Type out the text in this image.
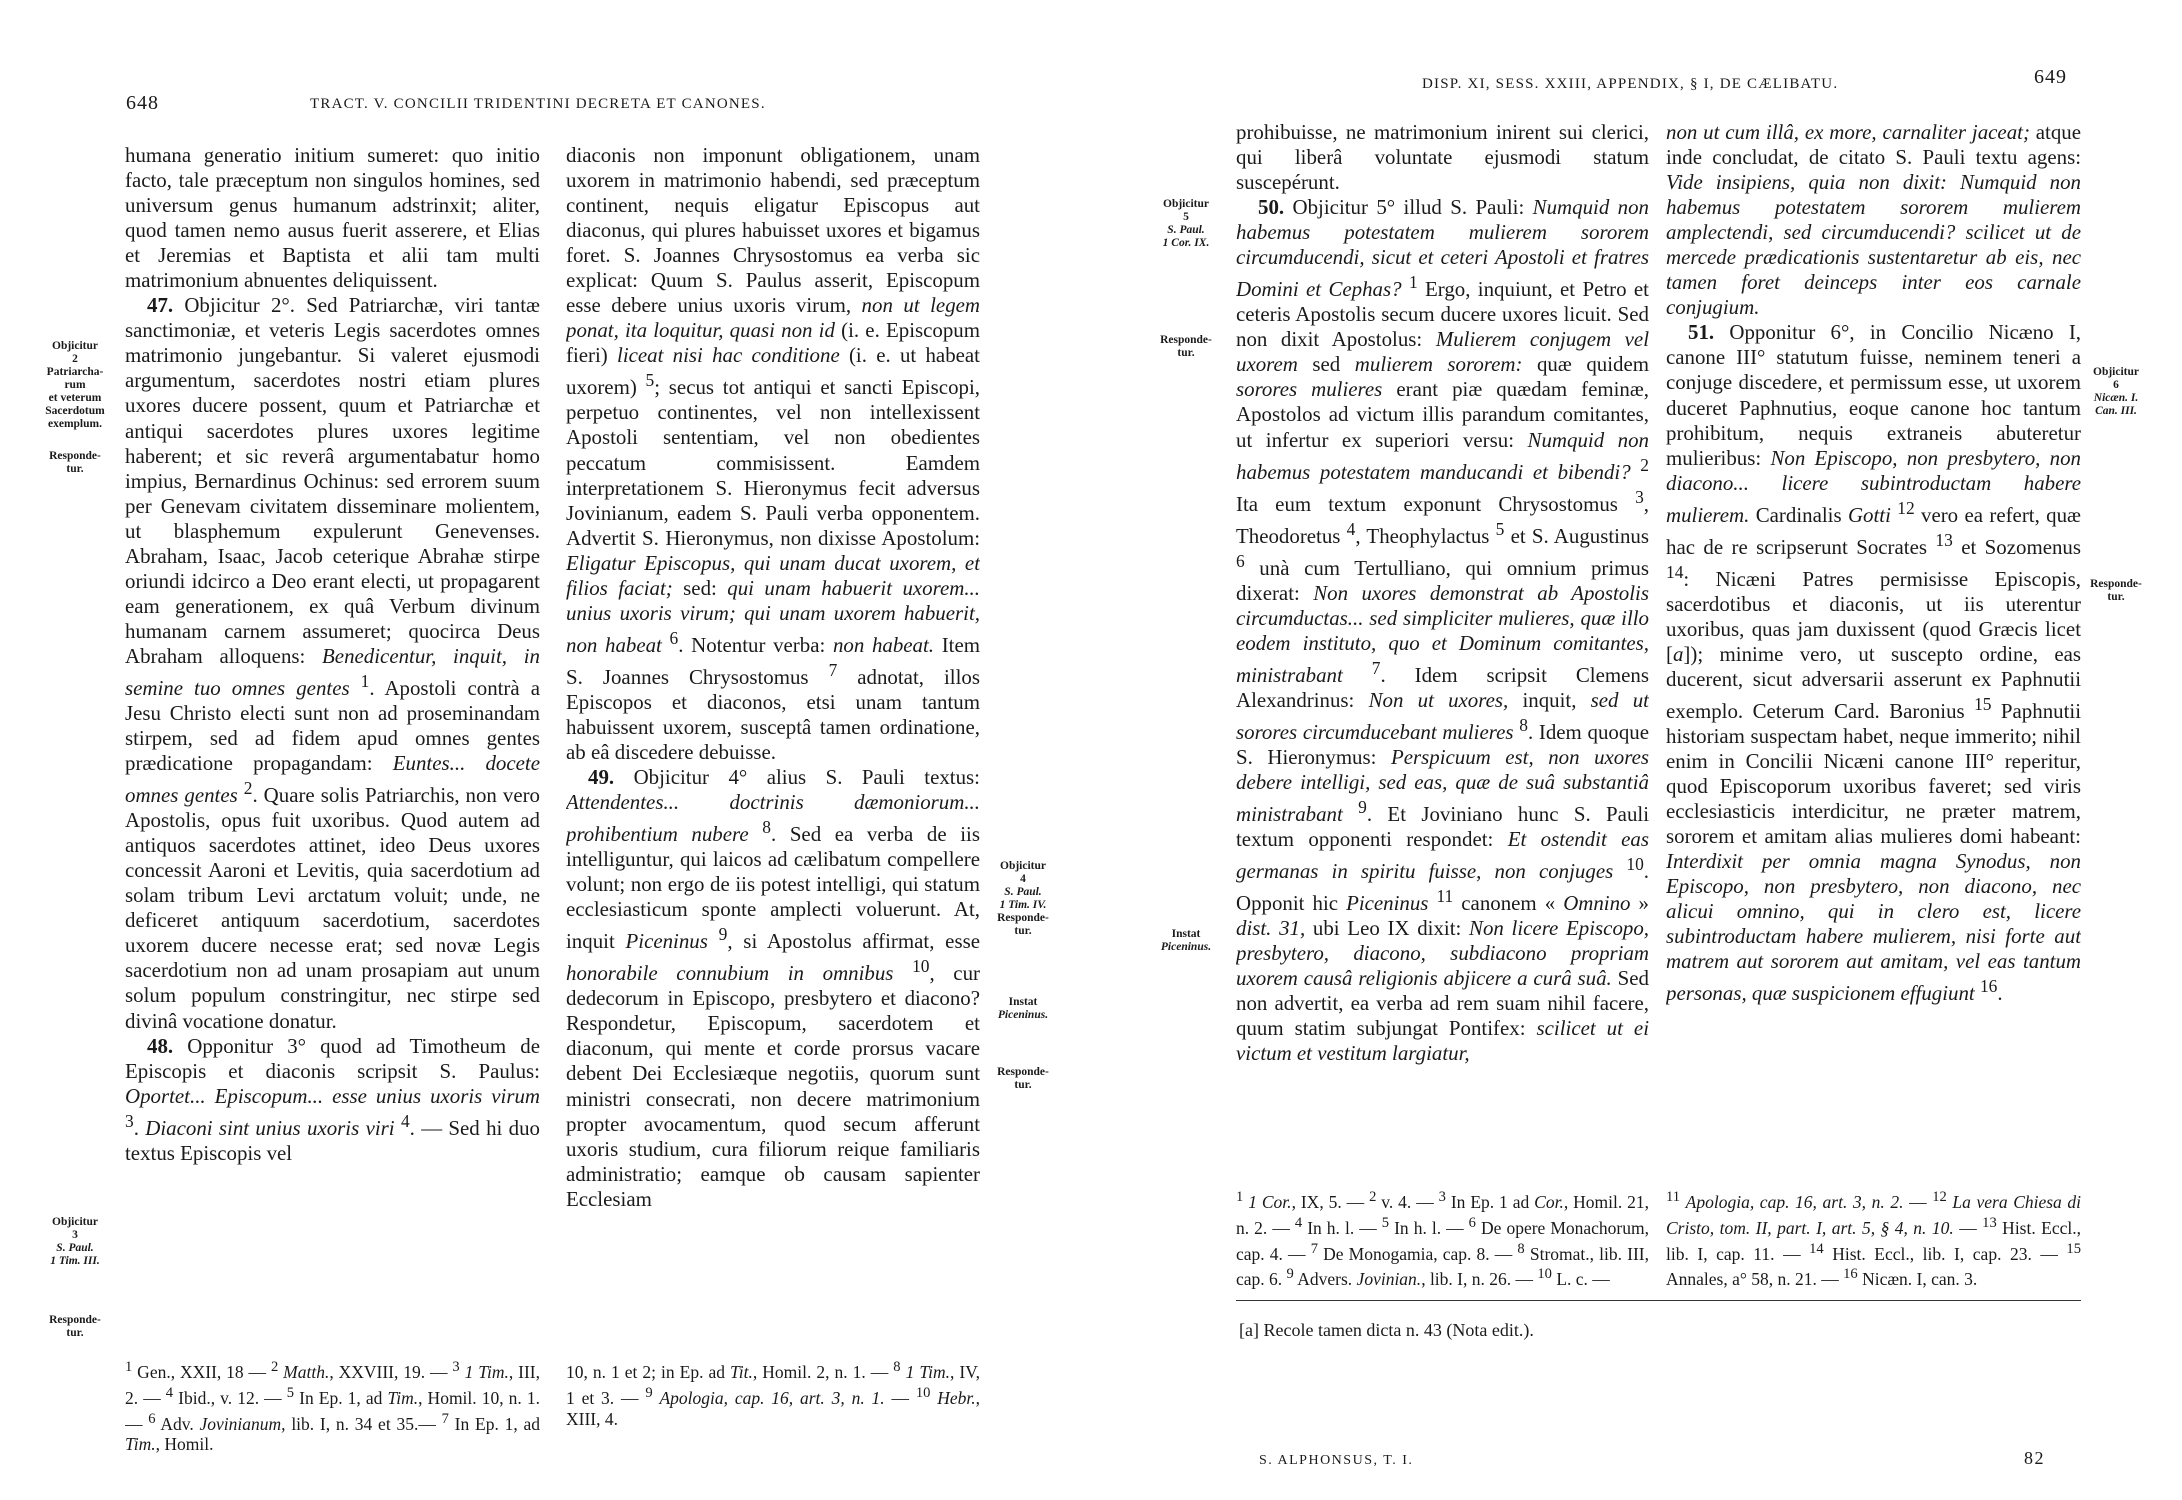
648	TRACT. V. CONCILII TRIDENTINI DECRETA ET CANONES.
humana generatio initium sumeret: quo initio facto, tale præceptum non singulos homines, sed universum genus humanum adstrinxit; aliter, quod tamen nemo ausus fuerit asserere, et Elias et Jeremias et Baptista et alii tam multi matrimonium abnuentes deliquissent.

47. Objicitur 2°. Sed Patriarchæ, viri tantæ sanctimoniæ, et veteris Legis sacerdotes omnes matrimonio jungebantur. Si valeret ejusmodi argumentum, sacerdotes nostri etiam plures uxores ducere possent, quum et Patriarchæ et antiqui sacerdotes plures uxores legitime haberent; et sic reverâ argumentabatur homo impius, Bernardinus Ochinus: sed errorem suum per Genevam civitatem disseminare molientem, ut blasphemum expulerunt Genevenses. Abraham, Isaac, Jacob ceterique Abrahæ stirpe oriundi idcirco a Deo erant electi, ut propagarent eam generationem, ex quâ Verbum divinum humanam carnem assumeret; quocirca Deus Abraham alloquens: Benedicentur, inquit, in semine tuo omnes gentes $^1$. Apostoli contrà a Jesu Christo electi sunt non ad proseminandam stirpem, sed ad fidem apud omnes gentes prædicatione propagandam: Euntes... docete omnes gentes $^2$. Quare solis Patriarchis, non vero Apostolis, opus fuit uxoribus. Quod autem ad antiquos sacerdotes attinet, ideo Deus uxores concessit Aaroni et Levitis, quia sacerdotium ad solam tribum Levi arctatum voluit; unde, ne deficeret antiquum sacerdotium, sacerdotes uxorem ducere necesse erat; sed novæ Legis sacerdotium non ad unam prosapiam aut unum solum populum constringitur, nec stirpe sed divinâ vocatione donatur.

48. Opponitur 3° quod ad Timotheum de Episcopis et diaconis scripsit S. Paulus: Oportet... Episcopum... esse unius uxoris virum $^3$. Diaconi sint unius uxoris viri $^4$. — Sed hi duo textus Episcopis vel

diaconis non imponunt obligationem, unam uxorem in matrimonio habendi, sed præceptum continent, nequis eligatur Episcopus aut diaconus, qui plures habuisset uxores et bigamus foret. S. Joannes Chrysostomus ea verba sic explicat: Quum S. Paulus asserit, Episcopum esse debere unius uxoris virum, non ut legem ponat, ita loquitur, quasi non id (i. e. Episcopum fieri) liceat nisi hac conditione (i. e. ut habeat uxorem) $^5$; secus tot antiqui et sancti Episcopi, perpetuo continentes, vel non intellexissent Apostoli sententiam, vel non obedientes peccatum commisissent. Eamdem interpretationem S. Hieronymus fecit adversus Jovinianum, eadem S. Pauli verba opponentem. Advertit S. Hieronymus, non dixisse Apostolum: Eligatur Episcopus, qui unam ducat uxorem, et filios faciat; sed: qui unam habuerit uxorem... unius uxoris virum; qui unam uxorem habuerit, non habeat $^6$. Notentur verba: non habeat. Item S. Joannes Chrysostomus $^7$ adnotat, illos Episcopos et diaconos, etsi unam tantum habuissent uxorem, susceptâ tamen ordinatione, ab eâ discedere debuisse.

49. Objicitur 4° alius S. Pauli textus: Attendentes... doctrinis dæmoniorum... prohibentium nubere $^8$. Sed ea verba de iis intelliguntur, qui laicos ad cælibatum compellere volunt; non ergo de iis potest intelligi, qui statum ecclesiasticum sponte amplecti voluerunt. At, inquit Piceninus $^9$, si Apostolus affirmat, esse honorabile connubium in omnibus $^{10}$, cur dedecorum in Episcopo, presbytero et diacono? Respondetur, Episcopum, sacerdotem et diaconum, qui mente et corde prorsus vacare debent Dei Ecclesiæque negotiis, quorum sunt ministri consecrati, non decere matrimonium propter avocamentum, quod secum afferunt uxoris studium, cura filiorum reique familiaris administratio; eamque ob causam sapienter Ecclesiam

Objicitur
2
Patriarcha-
rum
et veterum
Sacerdotum
exemplum.
Responde-
tur.
Objicitur
3
S. Paul.
1 Tim. III.
Responde-
tur.
Objicitur
4
S. Paul.
1 Tim. IV.
Responde-
tur.
Instat
Piceninus.
Responde-
tur.
$^1$ Gen., XXII, 18 — $^2$ Matth., XXVIII, 19. — $^3$ 1 Tim., III, 2. — $^4$ Ibid., v. 12. — $^5$ In Ep. 1, ad Tim., Homil. 10, n. 1. — $^6$ Adv. Jovinianum, lib. I, n. 34 et 35.— $^7$ In Ep. 1, ad Tim., Homil.
10, n. 1 et 2; in Ep. ad Tit., Homil. 2, n. 1. — $^8$ 1 Tim., IV, 1 et 3. — $^9$ Apologia, cap. 16, art. 3, n. 1. — $^{10}$ Hebr., XIII, 4.
DISP. XI, SESS. XXIII, APPENDIX, § I, DE CÆLIBATU.	649
prohibuisse, ne matrimonium inirent sui clerici, qui liberâ voluntate ejusmodi statum suscepérunt.

50. Objicitur 5° illud S. Pauli: Numquid non habemus potestatem mulierem sororem circumducendi, sicut et ceteri Apostoli et fratres Domini et Cephas? $^1$ Ergo, inquiunt, et Petro et ceteris Apostolis secum ducere uxores licuit. Sed non dixit Apostolus: Mulierem conjugem vel uxorem sed mulierem sororem: quæ quidem sorores mulieres erant piæ quædam feminæ, Apostolos ad victum illis parandum comitantes, ut infertur ex superiori versu: Numquid non habemus potestatem manducandi et bibendi? $^2$ Ita eum textum exponunt Chrysostomus $^3$, Theodoretus $^4$, Theophylactus $^5$ et S. Augustinus $^6$ unà cum Tertulliano, qui omnium primus dixerat: Non uxores demonstrat ab Apostolis circumductas... sed simpliciter mulieres, quæ illo eodem instituto, quo et Dominum comitantes, ministrabant $^7$. Idem scripsit Clemens Alexandrinus: Non ut uxores, inquit, sed ut sorores circumducebant mulieres $^8$. Idem quoque S. Hieronymus: Perspicuum est, non uxores debere intelligi, sed eas, quæ de suâ substantiâ ministrabant $^9$. Et Joviniano hunc S. Pauli textum opponenti respondet: Et ostendit eas germanas in spiritu fuisse, non conjuges $^{10}$. Opponit hic Piceninus $^{11}$ canonem « Omnino » dist. 31, ubi Leo IX dixit: Non licere Episcopo, presbytero, diacono, subdiacono propriam uxorem causâ religionis abjicere a curâ suâ. Sed non advertit, ea verba ad rem suam nihil facere, quum statim subjungat Pontifex: scilicet ut ei victum et vestitum largiatur,

non ut cum illâ, ex more, carnaliter jaceat; atque inde concludat, de citato S. Pauli textu agens: Vide insipiens, quia non dixit: Numquid non habemus potestatem sororem mulierem amplectendi, sed circumducendi? scilicet ut de mercede prædicationis sustentaretur ab eis, nec tamen foret deinceps inter eos carnale conjugium.

51. Opponitur 6°, in Concilio Nicæno I, canone III° statutum fuisse, neminem teneri a conjuge discedere, et permissum esse, ut uxorem duceret Paphnutius, eoque canone hoc tantum prohibitum, nequis extraneis abuteretur mulieribus: Non Episcopo, non presbytero, non diacono... licere subintroductam habere mulierem. Cardinalis Gotti $^{12}$ vero ea refert, quæ hac de re scripserunt Socrates $^{13}$ et Sozomenus $^{14}$: Nicæni Patres permisisse Episcopis, sacerdotibus et diaconis, ut iis uterentur uxoribus, quas jam duxissent (quod Græcis licet [a]); minime vero, ut suscepto ordine, eas ducerent, sicut adversarii asserunt ex Paphnutii exemplo. Ceterum Card. Baronius $^{15}$ Paphnutii historiam suspectam habet, neque immerito; nihil enim in Concilii Nicæni canone III° reperitur, quod Episcoporum uxoribus faveret; sed viris ecclesiasticis interdicitur, ne præter matrem, sororem et amitam alias mulieres domi habeant: Interdixit per omnia magna Synodus, non Episcopo, non presbytero, non diacono, nec alicui omnino, qui in clero est, licere subintroductam habere mulierem, nisi forte aut matrem aut sororem aut amitam, vel eas tantum personas, quæ suspicionem effugiunt $^{16}$.

Objicitur
5
S. Paul.
1 Cor. IX.
Responde-
tur.
Instat
Piceninus.
Objicitur
6
Nicæn. I.
Can. III.
Responde-
tur.
$^1$ 1 Cor., IX, 5. — $^2$ v. 4. — $^3$ In Ep. 1 ad Cor., Homil. 21, n. 2. — $^4$ In h. l. — $^5$ In h. l. — $^6$ De opere Monachorum, cap. 4. — $^7$ De Monogamia, cap. 8. — $^8$ Stromat., lib. III, cap. 6. $^9$ Advers. Jovinian., lib. I, n. 26. — $^{10}$ L. c. —
$^{11}$ Apologia, cap. 16, art. 3, n. 2. — $^{12}$ La vera Chiesa di Cristo, tom. II, part. I, art. 5, § 4, n. 10. — $^{13}$ Hist. Eccl., lib. I, cap. 11. — $^{14}$ Hist. Eccl., lib. I, cap. 23. — $^{15}$ Annales, a° 58, n. 21. — $^{16}$ Nicæn. I, can. 3.
[a] Recole tamen dicta n. 43 (Nota edit.).
S. ALPHONSUS, T. I.	82
